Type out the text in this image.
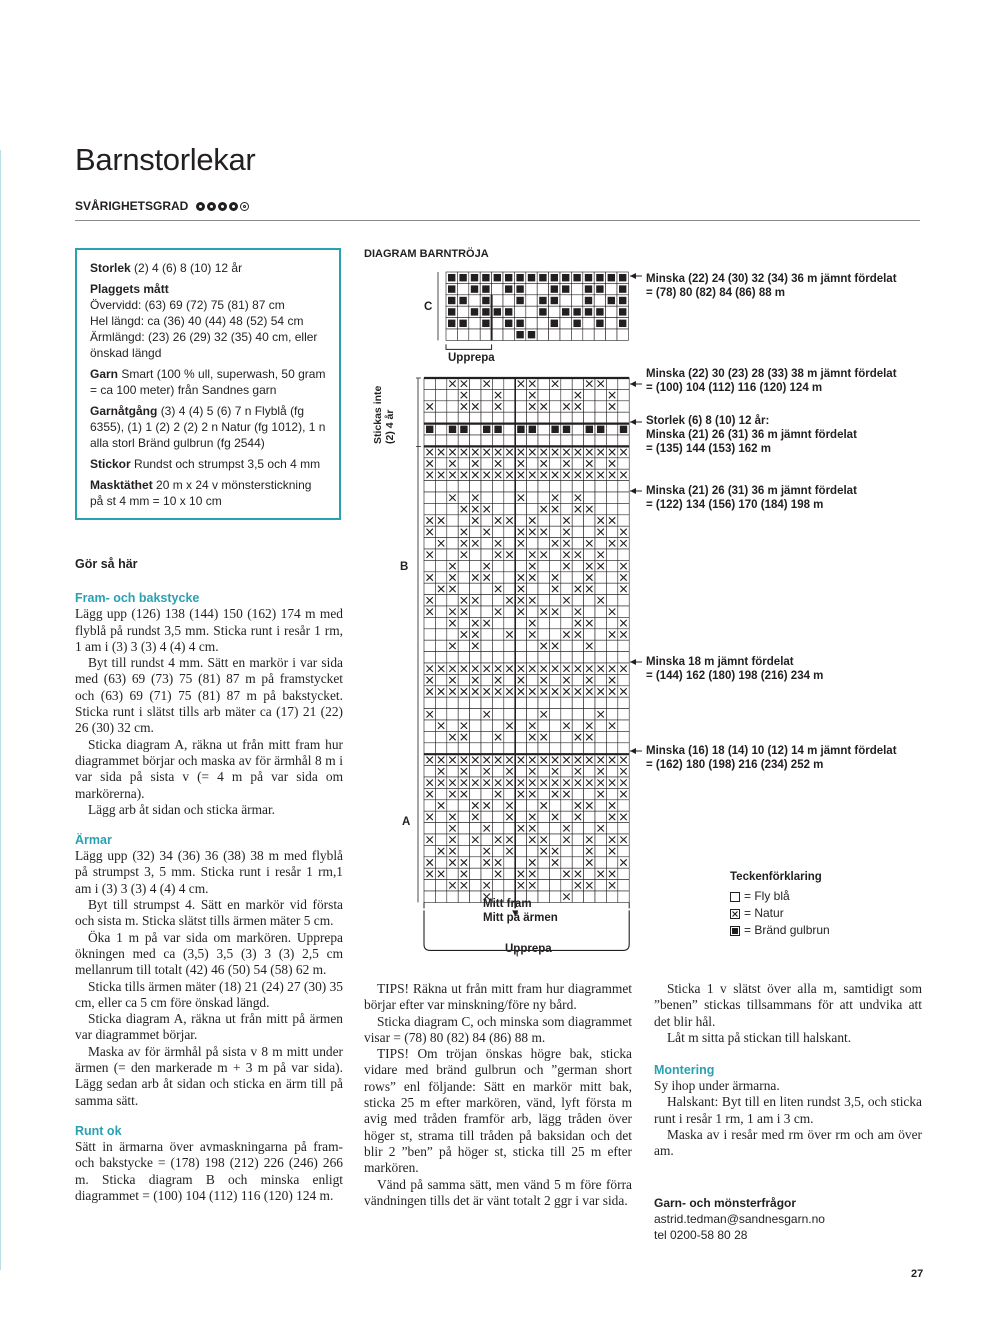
Barnstorlekar
SVÅRIGHETSGRAD

Storlek (2) 4 (6) 8 (10) 12 år

Plaggets mått

Övervidd: (63) 69 (72) 75 (81) 87 cm

Hel längd: ca (36) 40 (44) 48 (52) 54 cm

Ärmlängd: (23) 26 (29) 32 (35) 40 cm, eller önskad längd

Garn Smart (100 % ull, superwash, 50 gram = ca 100 meter) från Sandnes garn

Garnåtgång (3) 4 (4) 5 (6) 7 n Flyblå (fg 6355), (1) 1 (2) 2 (2) 2 n Natur (fg 1012), 1 n alla storl Bränd gulbrun (fg 2544)

Stickor Rundst och strumpst 3,5 och 4 mm

Masktäthet 20 m x 24 v mönsterstickning på st 4 mm = 10 x 10 cm

Gör så här

Fram- och bakstycke

Lägg upp (126) 138 (144) 150 (162) 174 m med flyblå på rundst 3,5 mm. Sticka runt i resår 1 rm, 1 am i (3) 3 (3) 4 (4) 4 cm.

Byt till rundst 4 mm. Sätt en markör i var sida med (63) 69 (73) 75 (81) 87 m på framstycket och (63) 69 (71) 75 (81) 87 m på bakstycket. Sticka runt i slätst tills arb mäter ca (17) 21 (22) 26 (30) 32 cm.

Sticka diagram A, räkna ut från mitt fram hur diagrammet börjar och maska av för ärmhål 8 m i var sida på sista v (= 4 m på var sida om markörerna).

Lägg arb åt sidan och sticka ärmar.

Ärmar

Lägg upp (32) 34 (36) 36 (38) 38 m med flyblå på strumpst 3, 5 mm. Sticka runt i resår 1 rm,1 am i (3) 3 (3) 4 (4) 4 cm.

Byt till strumpst 4. Sätt en markör vid första och sista m. Sticka slätst tills ärmen mäter 5 cm.

Öka 1 m på var sida om markören. Upprepa ökningen med ca (3,5) 3,5 (3) 3 (3) 2,5 cm mellanrum till totalt (42) 46 (50) 54 (58) 62 m.

Sticka tills ärmen mäter (18) 21 (24) 27 (30) 35 cm, eller ca 5 cm före önskad längd.

Sticka diagram A, räkna ut från mitt på ärmen var diagrammet börjar.

Maska av för ärmhål på sista v 8 m mitt under ärmen (= den markerade m + 3 m på var sida). Lägg sedan arb åt sidan och sticka en ärm till på samma sätt.

Runt ok

Sätt in ärmarna över avmaskningarna på fram- och bakstycke = (178) 198 (212) 226 (246) 266 m. Sticka diagram B och minska enligt diagrammet = (100) 104 (112) 116 (120) 124 m.

TIPS! Räkna ut från mitt fram hur diagrammet börjar efter var minskning/före ny bård.

Sticka diagram C, och minska som diagrammet visar = (78) 80 (82) 84 (86) 88 m.

TIPS! Om tröjan önskas högre bak, sticka vidare med bränd gulbrun och ”german short rows” enl följande: Sätt en markör mitt bak, sticka 25 m efter markören, vänd, lyft första m avig med tråden framför arb, lägg tråden över höger st, strama till tråden på baksidan och det blir 2 ”ben” på höger st, sticka till 25 m efter markören.

Vänd på samma sätt, men vänd 5 m före förra vändningen tills det är vänt totalt 2 ggr i var sida.

Sticka 1 v slätst över alla m, samtidigt som ”benen” stickas tillsammans för att undvika att det blir hål.

Låt m sitta på stickan till halskant.

Montering

Sy ihop under ärmarna.

Halskant: Byt till en liten rundst 3,5, och sticka runt i resår 1 rm, 1 am i 3 cm.

Maska av i resår med rm över rm och am över am.

Garn- och mönsterfrågor
astrid.tedman@sandnesgarn.no
tel 0200-58 80 28
DIAGRAM BARNTRÖJA
C
B
A
Upprepa
Upprepa
Mitt fram
Mitt på ärmen
Stickas inte (2) 4 år
Minska (22) 24 (30) 32 (34) 36 m jämnt fördelat
= (78) 80 (82) 84 (86) 88 m
Minska (22) 30 (23) 28 (33) 38 m jämnt fördelat
= (100) 104 (112) 116 (120) 124 m
Storlek (6) 8 (10) 12 år:
Minska (21) 26 (31) 36 m jämnt fördelat
= (135) 144 (153) 162 m
Minska (21) 26 (31) 36 m jämnt fördelat
= (122) 134 (156) 170 (184) 198 m
Minska 18 m jämnt fördelat
= (144) 162 (180) 198 (216) 234 m
Minska (16) 18 (14) 10 (12) 14 m jämnt fördelat
= (162) 180 (198) 216 (234) 252 m
Teckenförklaring
= Fly blå
= Natur
= Bränd gulbrun
27
